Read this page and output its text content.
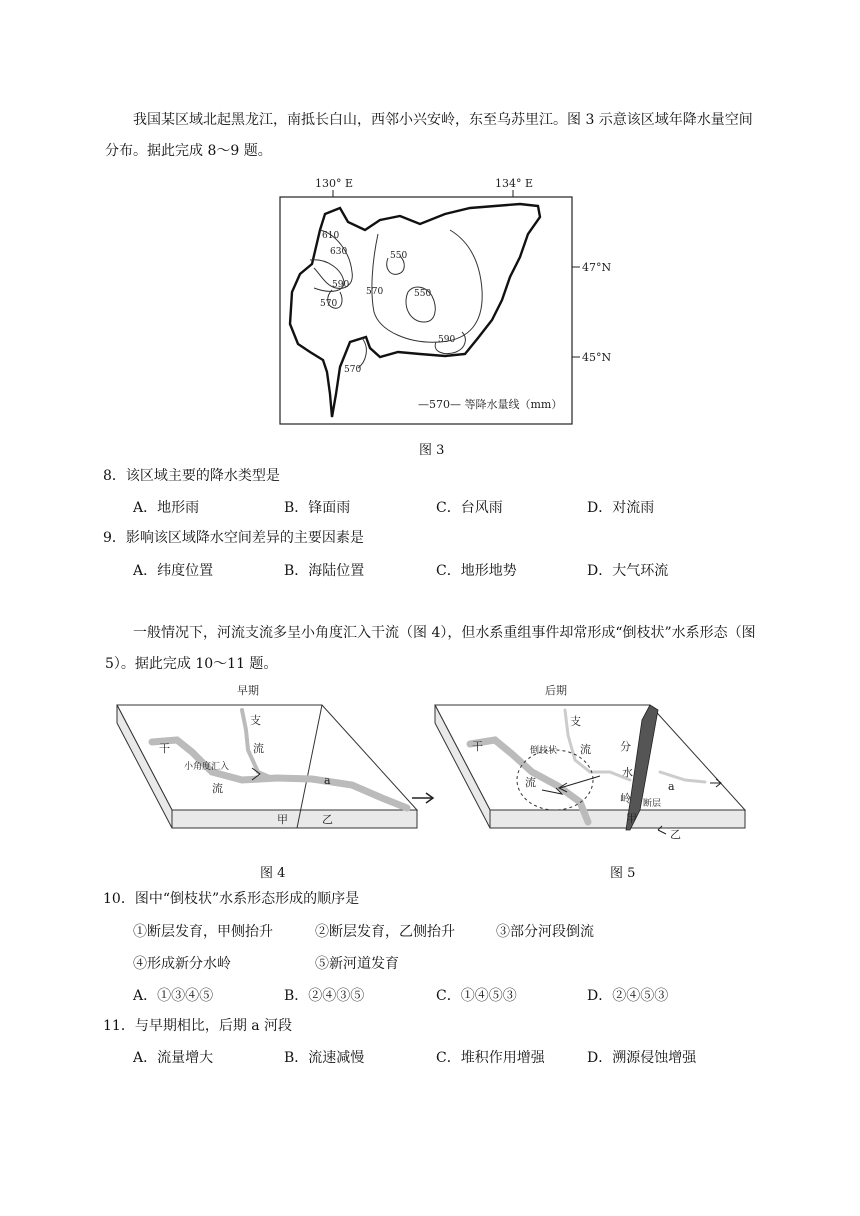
我国某区域北起黑龙江，南抵长白山，西邻小兴安岭，东至乌苏里江。图 3 示意该区域年降水量空间分布。据此完成 8～9 题。
130° E	134° E
47°N
45°N
610
630
590
570
550
550
590
570
570
—570— 等降水量线（mm）
图 3
8．该区域主要的降水类型是
A．地形雨	B．锋面雨	C．台风雨	D．对流雨
9．影响该区域降水空间差异的主要因素是
A．纬度位置	B．海陆位置	C．地形地势	D．大气环流
一般情况下，河流支流多呈小角度汇入干流（图 4），但水系重组事件却常形成“倒枝状”水系形态（图 5）。据此完成 10～11 题。
早期
支
流
干
小角度汇入
流
a
甲	乙
后期
支
流
干	倒枝状
流
分
水
岭
a
断层
甲
乙
图 4	图 5
10．图中“倒枝状”水系形态形成的顺序是
①断层发育，甲侧抬升	②断层发育，乙侧抬升	③部分河段倒流
④形成新分水岭	⑤新河道发育
A．①③④⑤	B．②④③⑤	C．①④⑤③	D．②④⑤③
11．与早期相比，后期 a 河段
A．流量增大	B．流速减慢	C．堆积作用增强	D．溯源侵蚀增强
